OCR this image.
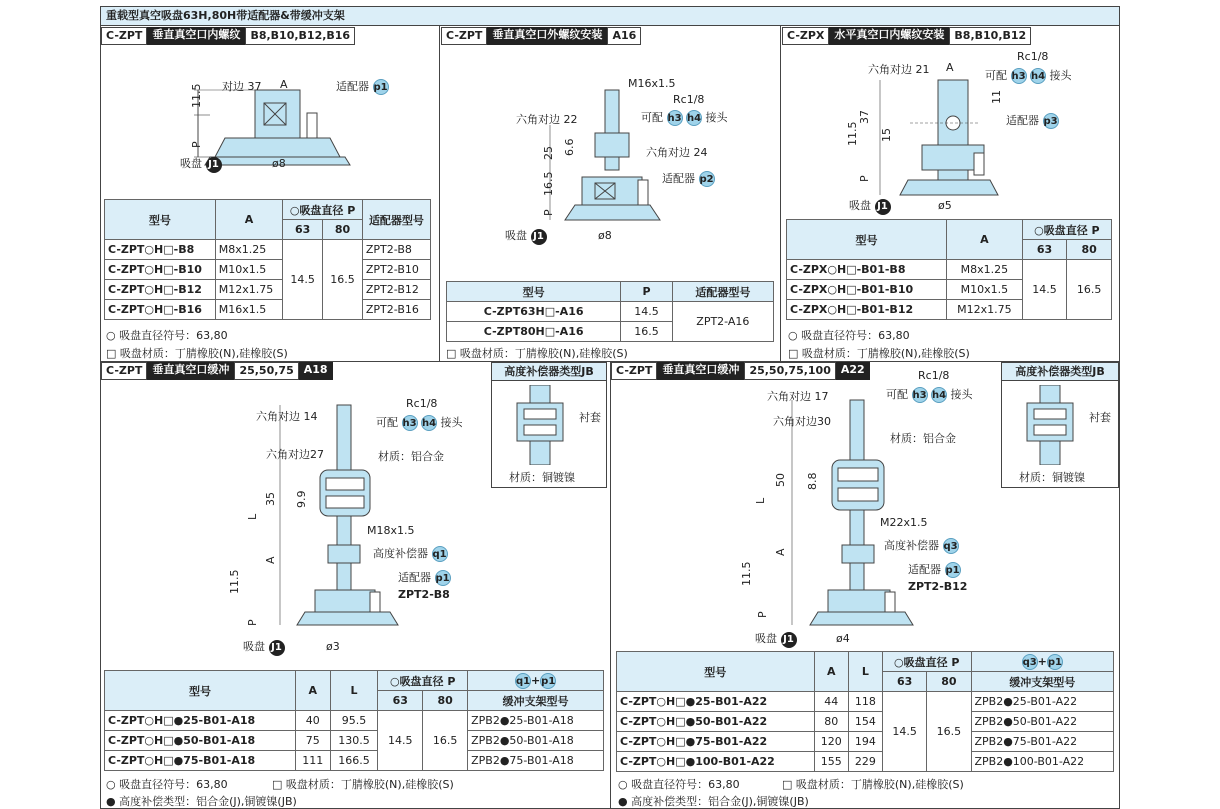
重载型真空吸盘63H,80H带适配器&带缓冲支架
C-ZPT 垂直真空口内螺纹 B8,B10,B12,B16
对边 37 A	适配器 p1
11.5
P
吸盘 J1	ø8
型号	A	○吸盘直径 P		适配器型号
		63	80	
C-ZPT○H□-B8	M8x1.25	14.5	16.5	ZPT2-B8
C-ZPT○H□-B10	M10x1.5			ZPT2-B10
C-ZPT○H□-B12	M12x1.75			ZPT2-B12
C-ZPT○H□-B16	M16x1.5			ZPT2-B16
○ 吸盘直径符号：63,80
□ 吸盘材质：丁腈橡胶(N),硅橡胶(S)
C-ZPT 垂直真空口外螺纹安装 A16
M16x1.5
Rc1/8
六角对边 22	可配 h3 h4 接头
25 6.6	六角对边 24
16.5	适配器 p2
P
吸盘 J1	ø8
型号	P	适配器型号
C-ZPT63H□-A16	14.5	ZPT2-A16
C-ZPT80H□-A16	16.5	
□ 吸盘材质：丁腈橡胶(N),硅橡胶(S)
C-ZPX 水平真空口内螺纹安装 B8,B10,B12
Rc1/8
六角对边 21 A
可配 h3 h4 接头
11
37
11.5 15
适配器 p3
P
吸盘 J1	ø5
型号	A	○吸盘直径 P	
		63	80
C-ZPX○H□-B01-B8	M8x1.25	14.5	16.5
C-ZPX○H□-B01-B10	M10x1.5		
C-ZPX○H□-B01-B12	M12x1.75		
○ 吸盘直径符号：63,80
□ 吸盘材质：丁腈橡胶(N),硅橡胶(S)
C-ZPT 垂直真空口缓冲 25,50,75 A18	高度补偿器类型JB
衬套
材质：铜镀镍
Rc1/8
六角对边 14	可配 h3 h4 接头
六角对边27	材质：铝合金
35 9.9
L
M18x1.5
高度补偿器 q1
A
适配器 p1
11.5
ZPT2-B8
P
吸盘 J1	ø3
型号	A	L	○吸盘直径 P		q1+p1
			63	80	缓冲支架型号
C-ZPT○H□●25-B01-A18	40	95.5	14.5	16.5	ZPB2●25-B01-A18
C-ZPT○H□●50-B01-A18	75	130.5			ZPB2●50-B01-A18
C-ZPT○H□●75-B01-A18	111	166.5			ZPB2●75-B01-A18
○ 吸盘直径符号：63,80	□ 吸盘材质：丁腈橡胶(N),硅橡胶(S)
● 高度补偿类型：铝合金(J),铜镀镍(JB)
C-ZPT 垂直真空口缓冲 25,50,75,100 A22	高度补偿器类型JB
衬套
材质：铜镀镍
Rc1/8
六角对边 17	可配 h3 h4 接头
六角对边30
材质：铝合金
50 8.8
L
M22x1.5
高度补偿器 q3
A
适配器 p1
11.5
ZPT2-B12
P
吸盘 J1	ø4
型号	A	L	○吸盘直径 P		q3+p1
			63	80	缓冲支架型号
C-ZPT○H□●25-B01-A22	44	118	14.5	16.5	ZPB2●25-B01-A22
C-ZPT○H□●50-B01-A22	80	154			ZPB2●50-B01-A22
C-ZPT○H□●75-B01-A22	120	194			ZPB2●75-B01-A22
C-ZPT○H□●100-B01-A22	155	229			ZPB2●100-B01-A22
○ 吸盘直径符号：63,80	□ 吸盘材质：丁腈橡胶(N),硅橡胶(S)
● 高度补偿类型：铝合金(J),铜镀镍(JB)
